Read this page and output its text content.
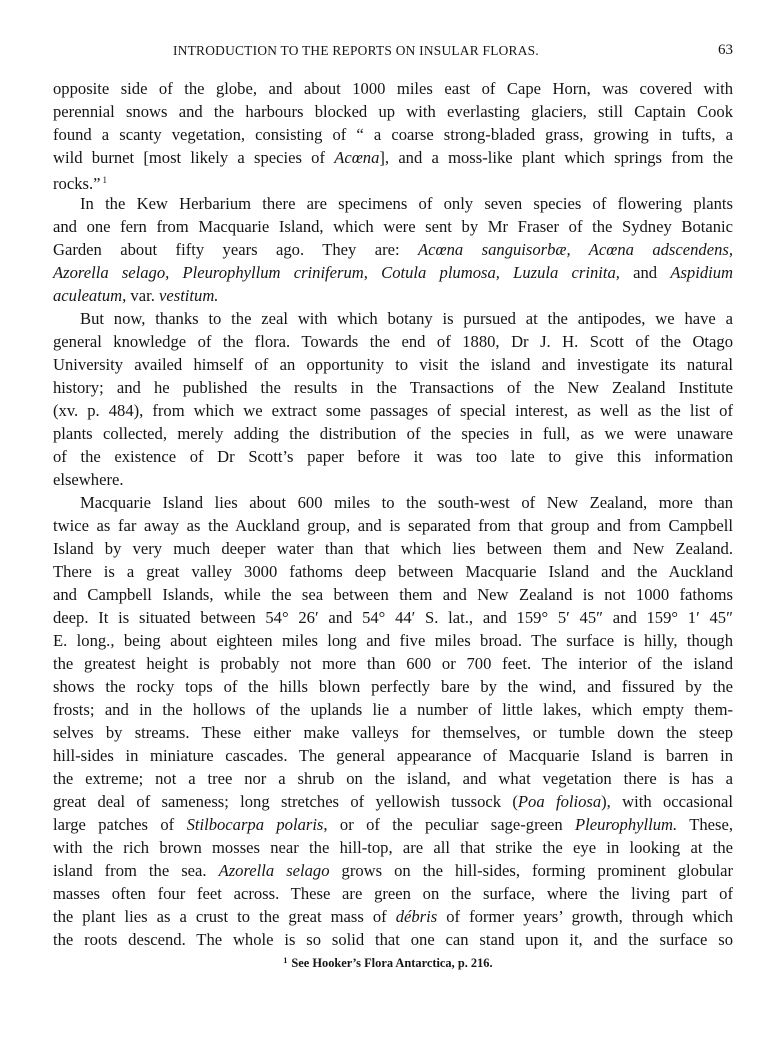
INTRODUCTION TO THE REPORTS ON INSULAR FLORAS.	63
opposite side of the globe, and about 1000 miles east of Cape Horn, was covered with
perennial snows and the harbours blocked up with everlasting glaciers, still Captain Cook
found a scanty vegetation, consisting of “ a coarse strong-bladed grass, growing in tufts, a
wild burnet [most likely a species of Acœna], and a moss-like plant which springs from the
rocks.” $^1$
In the Kew Herbarium there are specimens of only seven species of flowering plants
and one fern from Macquarie Island, which were sent by Mr Fraser of the Sydney Botanic
Garden about fifty years ago. They are: Acœna sanguisorbæ, Acœna adscendens,
Azorella selago, Pleurophyllum criniferum, Cotula plumosa, Luzula crinita, and Aspidium
aculeatum, var. vestitum.
But now, thanks to the zeal with which botany is pursued at the antipodes, we have a
general knowledge of the flora. Towards the end of 1880, Dr J. H. Scott of the Otago
University availed himself of an opportunity to visit the island and investigate its natural
history; and he published the results in the Transactions of the New Zealand Institute
(xv. p. 484), from which we extract some passages of special interest, as well as the list of
plants collected, merely adding the distribution of the species in full, as we were unaware
of the existence of Dr Scott’s paper before it was too late to give this information
elsewhere.
Macquarie Island lies about 600 miles to the south-west of New Zealand, more than
twice as far away as the Auckland group, and is separated from that group and from Campbell
Island by very much deeper water than that which lies between them and New Zealand.
There is a great valley 3000 fathoms deep between Macquarie Island and the Auckland
and Campbell Islands, while the sea between them and New Zealand is not 1000 fathoms
deep. It is situated between 54° 26′ and 54° 44′ S. lat., and 159° 5′ 45″ and 159° 1′ 45″
E. long., being about eighteen miles long and five miles broad. The surface is hilly, though
the greatest height is probably not more than 600 or 700 feet. The interior of the island
shows the rocky tops of the hills blown perfectly bare by the wind, and fissured by the
frosts; and in the hollows of the uplands lie a number of little lakes, which empty them-
selves by streams. These either make valleys for themselves, or tumble down the steep
hill-sides in miniature cascades. The general appearance of Macquarie Island is barren in
the extreme; not a tree nor a shrub on the island, and what vegetation there is has a
great deal of sameness; long stretches of yellowish tussock (Poa foliosa), with occasional
large patches of Stilbocarpa polaris, or of the peculiar sage-green Pleurophyllum. These,
with the rich brown mosses near the hill-top, are all that strike the eye in looking at the
island from the sea. Azorella selago grows on the hill-sides, forming prominent globular
masses often four feet across. These are green on the surface, where the living part of
the plant lies as a crust to the great mass of débris of former years’ growth, through which
the roots descend. The whole is so solid that one can stand upon it, and the surface so
$^1$ See Hooker’s Flora Antarctica, p. 216.
